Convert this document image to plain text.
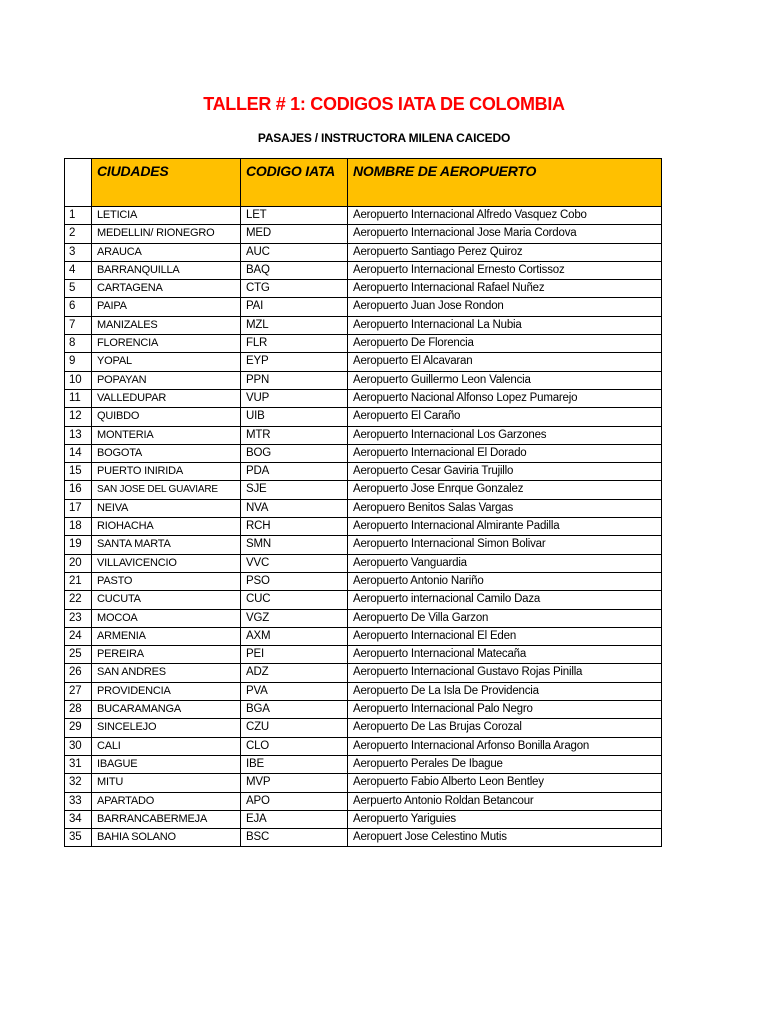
TALLER # 1: CODIGOS IATA DE COLOMBIA
PASAJES / INSTRUCTORA MILENA CAICEDO
	CIUDADES	CODIGO IATA	NOMBRE DE AEROPUERTO
1	LETICIA	LET	Aeropuerto Internacional Alfredo Vasquez Cobo
2	MEDELLIN/ RIONEGRO	MED	Aeropuerto Internacional Jose Maria Cordova
3	ARAUCA	AUC	Aeropuerto Santiago Perez Quiroz
4	BARRANQUILLA	BAQ	Aeropuerto Internacional Ernesto Cortissoz
5	CARTAGENA	CTG	Aeropuerto Internacional Rafael Nuñez
6	PAIPA	PAI	Aeropuerto Juan Jose Rondon
7	MANIZALES	MZL	Aeropuerto Internacional La Nubia
8	FLORENCIA	FLR	Aeropuerto De Florencia
9	YOPAL	EYP	Aeropuerto El Alcavaran
10	POPAYAN	PPN	Aeropuerto Guillermo Leon Valencia
11	VALLEDUPAR	VUP	Aeropuerto Nacional Alfonso Lopez Pumarejo
12	QUIBDO	UIB	Aeropuerto El Caraño
13	MONTERIA	MTR	Aeropuerto Internacional Los Garzones
14	BOGOTA	BOG	Aeropuerto Internacional El Dorado
15	PUERTO INIRIDA	PDA	Aeropuerto Cesar Gaviria Trujillo
16	SAN JOSE DEL GUAVIARE	SJE	Aeropuerto Jose Enrque Gonzalez
17	NEIVA	NVA	Aeropuero Benitos Salas Vargas
18	RIOHACHA	RCH	Aeropuerto Internacional Almirante Padilla
19	SANTA MARTA	SMN	Aeropuerto Internacional Simon Bolivar
20	VILLAVICENCIO	VVC	Aeropuerto Vanguardia
21	PASTO	PSO	Aeropuerto Antonio Nariño
22	CUCUTA	CUC	Aeropuerto internacional Camilo Daza
23	MOCOA	VGZ	Aeropuerto De Villa Garzon
24	ARMENIA	AXM	Aeropuerto Internacional El Eden
25	PEREIRA	PEI	Aeropuerto Internacional Matecaña
26	SAN ANDRES	ADZ	Aeropuerto Internacional Gustavo Rojas Pinilla
27	PROVIDENCIA	PVA	Aeropuerto De La Isla De Providencia
28	BUCARAMANGA	BGA	Aeropuerto Internacional Palo Negro
29	SINCELEJO	CZU	Aeropuerto De Las Brujas Corozal
30	CALI	CLO	Aeropuerto Internacional Arfonso Bonilla Aragon
31	IBAGUE	IBE	Aeropuerto Perales De Ibague
32	MITU	MVP	Aeropuerto Fabio Alberto Leon Bentley
33	APARTADO	APO	Aerpuerto Antonio Roldan Betancour
34	BARRANCABERMEJA	EJA	Aeropuerto Yariguies
35	BAHIA SOLANO	BSC	Aeropuert Jose Celestino Mutis
